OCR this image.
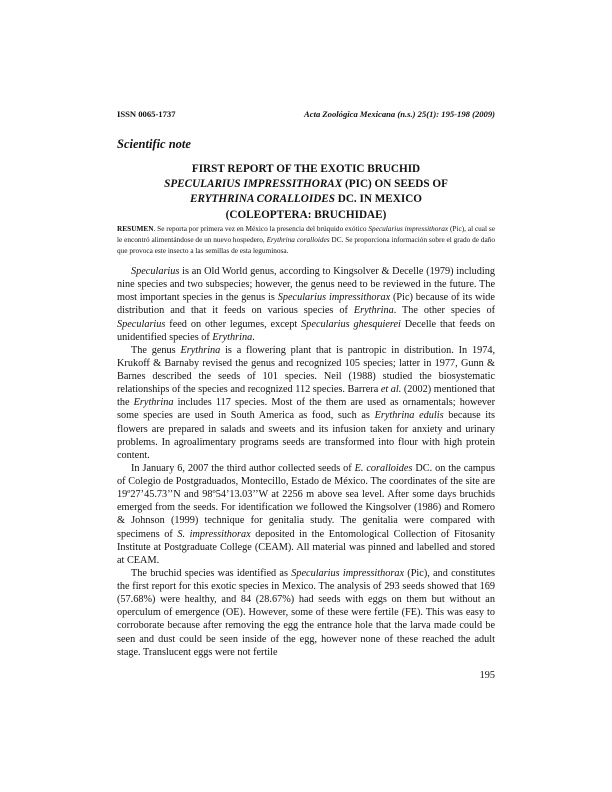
ISSN 0065-1737	Acta Zoológica Mexicana (n.s.) 25(1): 195-198 (2009)
Scientific note
FIRST REPORT OF THE EXOTIC BRUCHID
SPECULARIUS IMPRESSITHORAX (PIC) ON SEEDS OF
ERYTHRINA CORALLOIDES DC. IN MEXICO
(COLEOPTERA: BRUCHIDAE)
RESUMEN. Se reporta por primera vez en México la presencia del brúquido exótico Specularius impressithorax (Pic), al cual se le encontró alimentándose de un nuevo hospedero, Erythrina coralloides DC. Se proporciona información sobre el grado de daño que provoca este insecto a las semillas de esta leguminosa.

Specularius is an Old World genus, according to Kingsolver & Decelle (1979) including nine species and two subspecies; however, the genus need to be reviewed in the future. The most important species in the genus is Specularius impressithorax (Pic) because of its wide distribution and that it feeds on various species of Erythrina. The other species of Specularius feed on other legumes, except Specularius ghesquierei Decelle that feeds on unidentified species of Erythrina.

The genus Erythrina is a flowering plant that is pantropic in distribution. In 1974, Krukoff & Barnaby revised the genus and recognized 105 species; latter in 1977, Gunn & Barnes described the seeds of 101 species. Neil (1988) studied the biosystematic relationships of the species and recognized 112 species. Barrera et al. (2002) mentioned that the Erythrina includes 117 species. Most of the them are used as ornamentals; however some species are used in South America as food, such as Erythrina edulis because its flowers are prepared in salads and sweets and its infusion taken for anxiety and urinary problems. In agroalimentary programs seeds are transformed into flour with high protein content.

In January 6, 2007 the third author collected seeds of E. coralloides DC. on the campus of Colegio de Postgraduados, Montecillo, Estado de México. The coordinates of the site are 19º27’45.73’’N and 98º54’13.03’’W at 2256 m above sea level. After some days bruchids emerged from the seeds. For identification we followed the Kingsolver (1986) and Romero & Johnson (1999) technique for genitalia study. The genitalia were compared with specimens of S. impressithorax deposited in the Entomological Collection of Fitosanity Institute at Postgraduate College (CEAM). All material was pinned and labelled and stored at CEAM.

The bruchid species was identified as Specularius impressithorax (Pic), and constitutes the first report for this exotic species in Mexico. The analysis of 293 seeds showed that 169 (57.68%) were healthy, and 84 (28.67%) had seeds with eggs on them but without an operculum of emergence (OE). However, some of these were fertile (FE). This was easy to corroborate because after removing the egg the entrance hole that the larva made could be seen and dust could be seen inside of the egg, however none of these reached the adult stage. Translucent eggs were not fertile

195
